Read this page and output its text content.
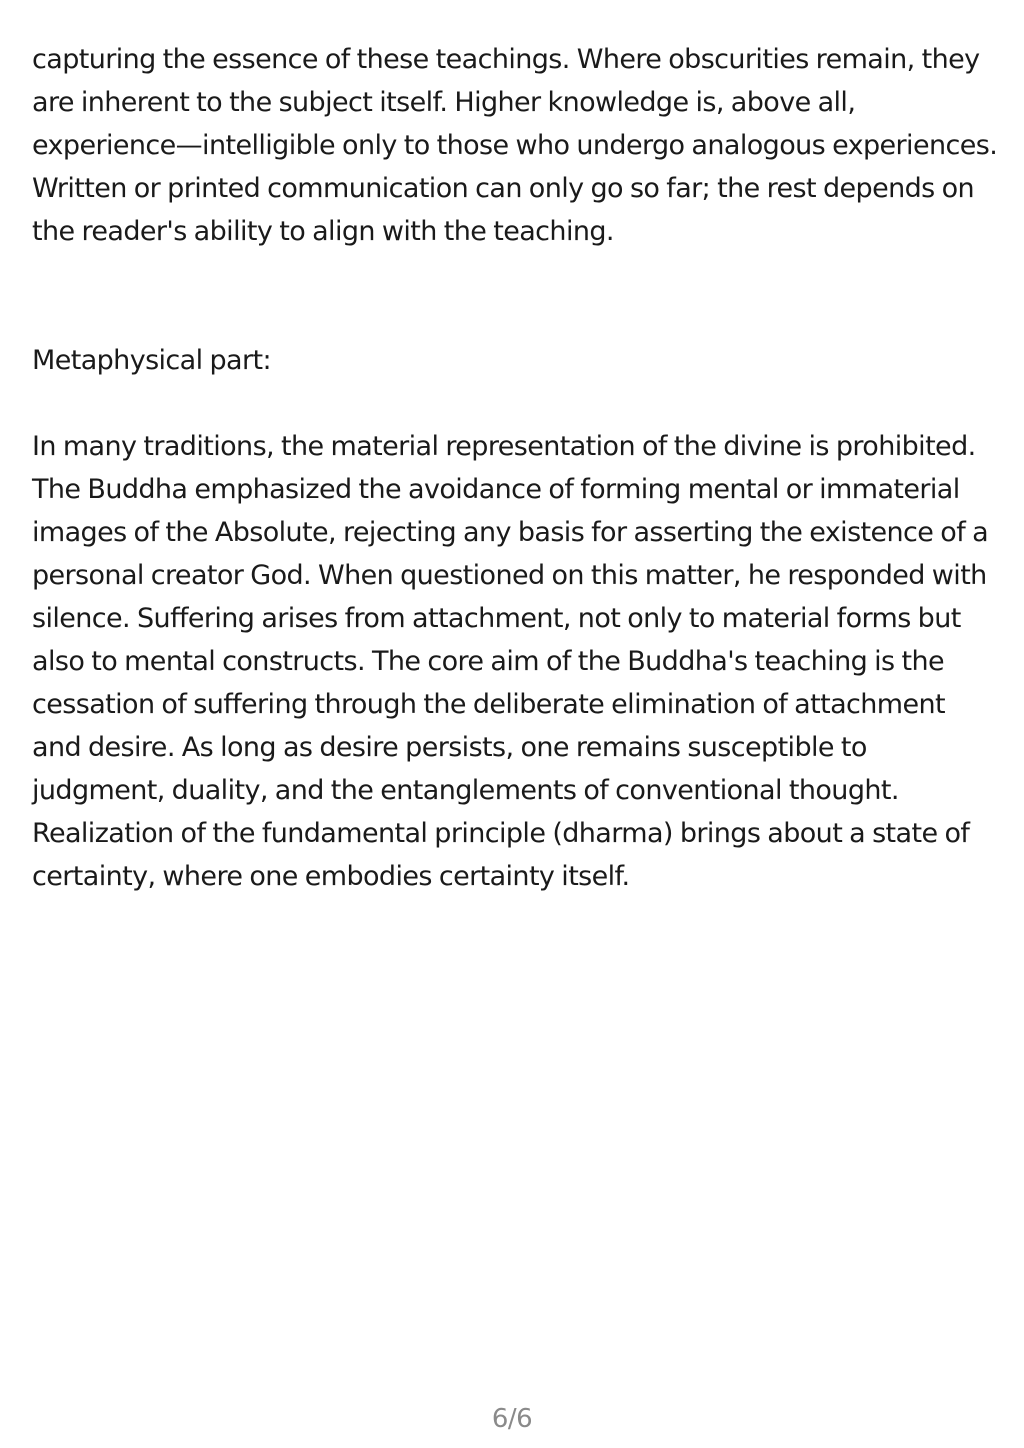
capturing the essence of these teachings. Where obscurities remain, they are inherent to the subject itself. Higher knowledge is, above all, experience—intelligible only to those who undergo analogous experiences. Written or printed communication can only go so far; the rest depends on the reader's ability to align with the teaching.

Metaphysical part:

In many traditions, the material representation of the divine is prohibited. The Buddha emphasized the avoidance of forming mental or immaterial images of the Absolute, rejecting any basis for asserting the existence of a personal creator God. When questioned on this matter, he responded with silence. Suffering arises from attachment, not only to material forms but also to mental constructs. The core aim of the Buddha's teaching is the cessation of suffering through the deliberate elimination of attachment and desire. As long as desire persists, one remains susceptible to judgment, duality, and the entanglements of conventional thought. Realization of the fundamental principle (dharma) brings about a state of certainty, where one embodies certainty itself.

6/6
